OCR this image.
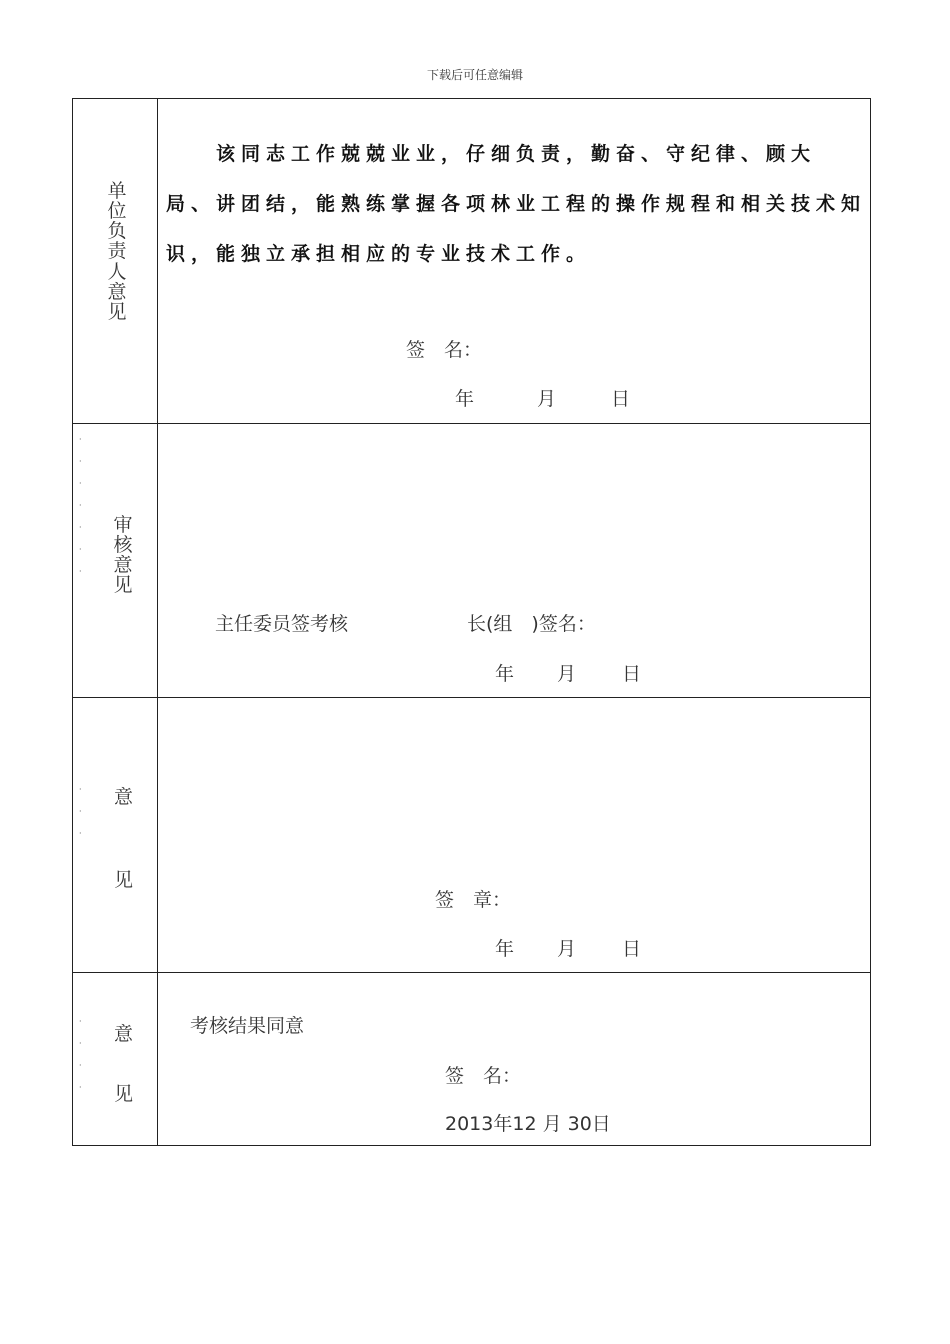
下载后可任意编辑
单
位
负
责
人
意
见
　　该同志工作兢兢业业，仔细负责，勤奋、守纪律、顾大局、讲团结，能熟练掌握各项林业工程的操作规程和相关技术知识，能独立承担相应的专业技术工作。
签　名：
年	月	日
·
·
·
·
·
·
·
审
核
意
见
主任委员签考核	长(组　)签名：
年 月 日
·
·
·
意
见
签　章：
年 月 日
·
·
·
·
意
见
考核结果同意
签　名：
2013年12 月 30日
